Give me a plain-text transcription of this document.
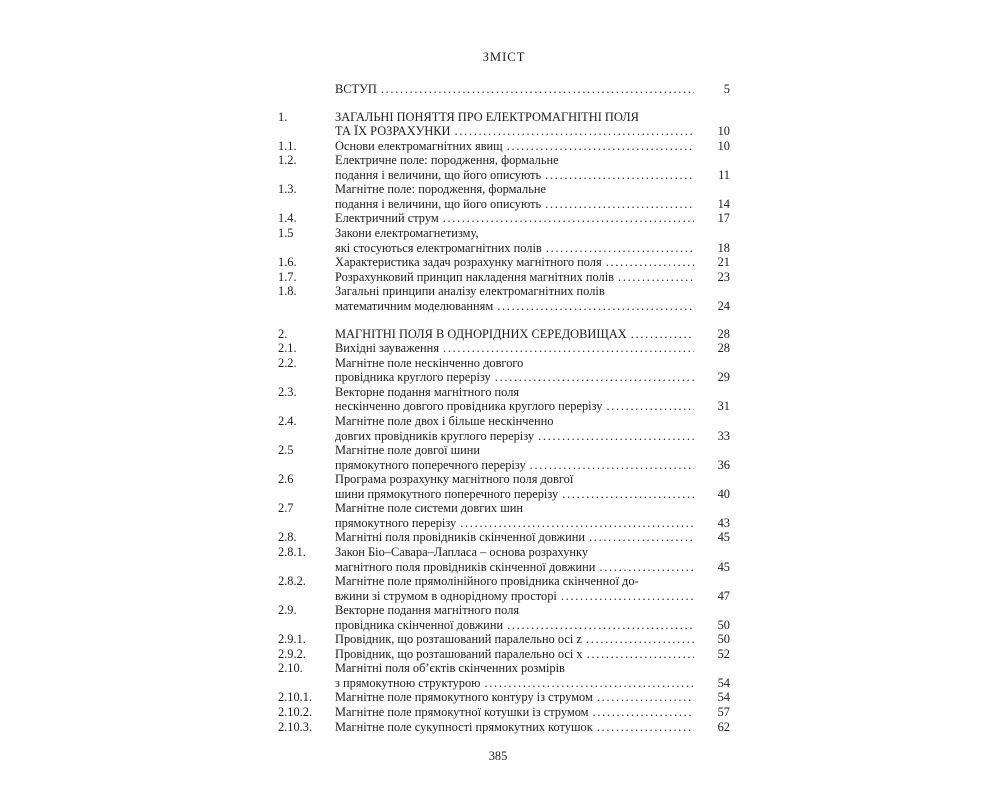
ЗМІСТ
ВСТУП .....	5
1.	ЗАГАЛЬНІ ПОНЯТТЯ ПРО ЕЛЕКТРОМАГНІТНІ ПОЛЯ
ТА ЇХ РОЗРАХУНКИ .....	10
1.1.	Основи електромагнітних явищ .....	10
1.2.	Електричне поле: породження, формальне
подання і величини, що його описують .....	11
1.3.	Магнітне поле: породження, формальне
подання і величини, що його описують .....	14
1.4.	Електричний струм .....	17
1.5	Закони електромагнетизму,
які стосуються електромагнітних полів .....	18
1.6.	Характеристика задач розрахунку магнітного поля .....	21
1.7.	Розрахунковий принцип накладення магнітних полів .....	23
1.8.	Загальні принципи аналізу електромагнітних полів
математичним моделюванням .....	24
2.	МАГНІТНІ ПОЛЯ В ОДНОРІДНИХ СЕРЕДОВИЩАХ .....	28
2.1.	Вихідні зауваження .....	28
2.2.	Магнітне поле нескінченно довгого
провідника круглого перерізу .....	29
2.3.	Векторне подання магнітного поля
нескінченно довгого провідника круглого перерізу .....	31
2.4.	Магнітне поле двох і більше нескінченно
довгих провідників круглого перерізу .....	33
2.5	Магнітне поле довгої шини
прямокутного поперечного перерізу .....	36
2.6	Програма розрахунку магнітного поля довгої
шини прямокутного поперечного перерізу .....	40
2.7	Магнітне поле системи довгих шин
прямокутного перерізу .....	43
2.8.	Магнітні поля провідників скінченної довжини .....	45
2.8.1.	Закон Біо–Савара–Лапласа – основа розрахунку
магнітного поля провідників скінченної довжини .....	45
2.8.2.	Магнітне поле прямолінійного провідника скінченної до-
вжини зі струмом в однорідному просторі .....	47
2.9.	Векторне подання магнітного поля
провідника скінченної довжини .....	50
2.9.1.	Провідник, що розташований паралельно осі z .....	50
2.9.2.	Провідник, що розташований паралельно осі x .....	52
2.10.	Магнітні поля об’єктів скінченних розмірів
з прямокутною структурою .....	54
2.10.1.	Магнітне поле прямокутного контуру із струмом .....	54
2.10.2.	Магнітне поле прямокутної котушки із струмом .....	57
2.10.3.	Магнітне поле сукупності прямокутних котушок .....	62
385
